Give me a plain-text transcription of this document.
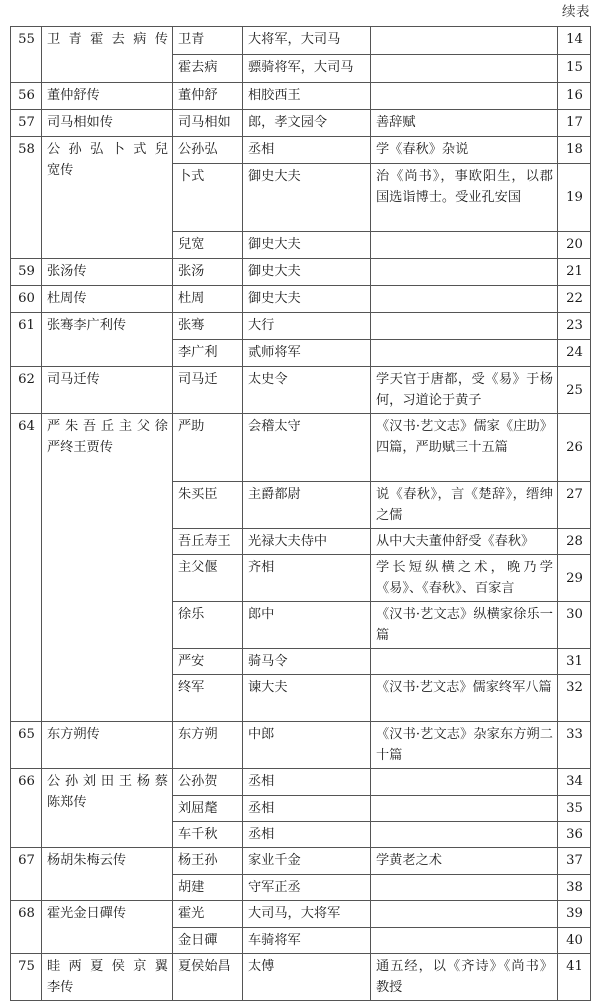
续表
55	卫青霍去病传	卫青	大将军，大司马		14
		霍去病	骠骑将军，大司马		15
56	董仲舒传	董仲舒	相胶西王		16
57	司马相如传	司马相如	郎，孝文园令	善辞赋	17
58	公孙弘卜式兒
宽传	公孙弘	丞相	学《春秋》杂说	18
		卜式	御史大夫	治《尚书》，事欧阳生，以郡国选诣博士。受业孔安国	19
		兒宽	御史大夫		20
59	张汤传	张汤	御史大夫		21
60	杜周传	杜周	御史大夫		22
61	张骞李广利传	张骞	大行		23
		李广利	贰师将军		24
62	司马迁传	司马迁	太史令	学天官于唐都，受《易》于杨何，习道论于黄子	25
64	严朱吾丘主父徐
严终王贾传	严助	会稽太守	《汉书·艺文志》儒家《庄助》四篇，严助赋三十五篇	26
		朱买臣	主爵都尉	说《春秋》，言《楚辞》，缙绅之儒	27
		吾丘寿王	光禄大夫侍中	从中大夫董仲舒受《春秋》	28
		主父偃	齐相	学长短纵横之术，晚乃学《易》、《春秋》、百家言	29
		徐乐	郎中	《汉书·艺文志》纵横家徐乐一篇	30
		严安	骑马令		31
		终军	谏大夫	《汉书·艺文志》儒家终军八篇	32
65	东方朔传	东方朔	中郎	《汉书·艺文志》杂家东方朔二十篇	33
66	公孙刘田王杨蔡
陈郑传	公孙贺	丞相		34
		刘屈氂	丞相		35
		车千秋	丞相		36
67	杨胡朱梅云传	杨王孙	家业千金	学黄老之术	37
		胡建	守军正丞		38
68	霍光金日磾传	霍光	大司马，大将军		39
		金日磾	车骑将军		40
75	眭两夏侯京翼
李传	夏侯始昌	太傅	通五经，以《齐诗》《尚书》教授	41
